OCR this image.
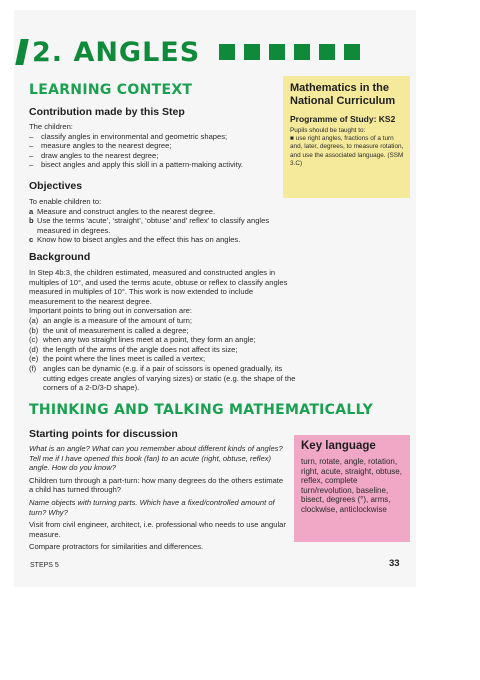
2. ANGLES
LEARNING CONTEXT
Contribution made by this Step

The children:

–	classify angles in environmental and geometric shapes;
–	measure angles to the nearest degree;
–	draw angles to the nearest degree;
–	bisect angles and apply this skill in a pattern-making activity.
Objectives

To enable children to:

a Measure and construct angles to the nearest degree.
b Use the terms ‘acute’, ‘straight’, ‘obtuse’ and’ reflex’ to classify angles measured in degrees.
c Know how to bisect angles and the effect this has on angles.
Background

In Step 4b:3, the children estimated, measured and constructed angles in multiples of 10°, and used the terms acute, obtuse or reflex to classify angles measured in multiples of 10°. This work is now extended to include measurement to the nearest degree.

Important points to bring out in conversation are:

(a) an angle is a measure of the amount of turn;
(b) the unit of measurement is called a degree;
(c) when any two straight lines meet at a point, they form an angle;
(d) the length of the arms of the angle does not affect its size;
(e) the point where the lines meet is called a vertex;
(f) angles can be dynamic (e.g. if a pair of scissors is opened gradually, its cutting edges create angles of varying sizes) or static (e.g. the shape of the corners of a 2-D/3-D shape).
Mathematics in the National Curriculum
Programme of Study: KS2
Pupils should be taught to:
■ use right angles, fractions of a turn and, later, degrees, to measure rotation, and use the associated language. (SSM 3.C)
THINKING AND TALKING MATHEMATICALLY
Starting points for discussion

What is an angle? What can you remember about different kinds of angles? Tell me if I have opened this book (fan) to an acute (right, obtuse, reflex) angle. How do you know?

Children turn through a part-turn: how many degrees do the others estimate a child has turned through?

Name objects with turning parts. Which have a fixed/controlled amount of turn? Why?

Visit from civil engineer, architect, i.e. professional who needs to use angular measure.

Compare protractors for similarities and differences.

Key language
turn, rotate, angle, rotation, right, acute, straight, obtuse, reflex, complete turn/revolution, baseline, bisect, degrees (°), arms, clockwise, anticlockwise
STEPS 5	33
